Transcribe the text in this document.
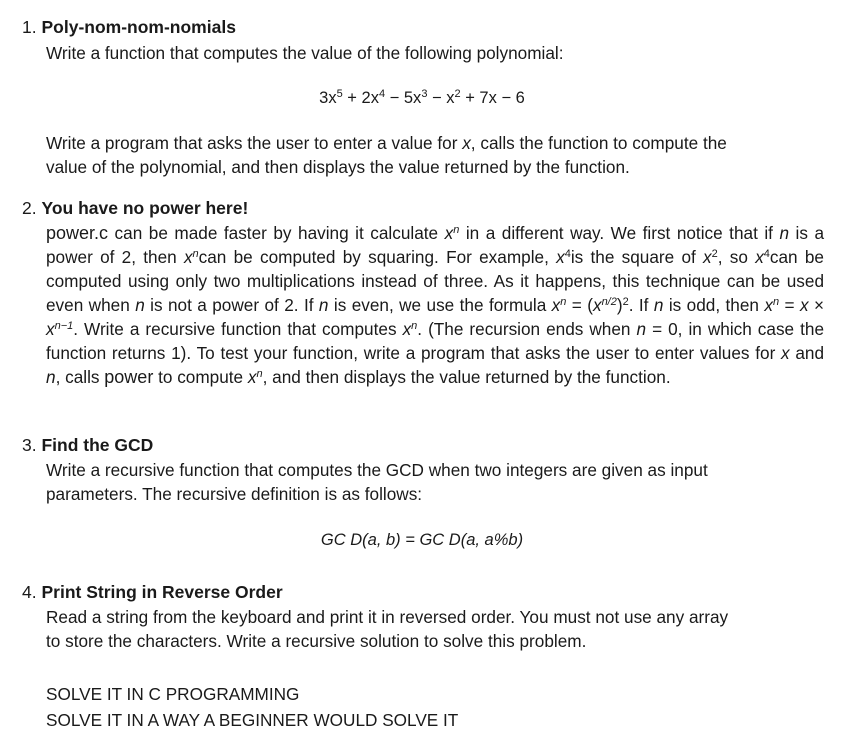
1. Poly-nom-nom-nomials
Write a function that computes the value of the following polynomial:
$3x^5 + 2x^4 - 5x^3 - x^2 + 7x - 6$
Write a program that asks the user to enter a value for x, calls the function to compute the
value of the polynomial, and then displays the value returned by the function.
2. You have no power here!
power.c can be made faster by having it calculate $x^n$ in a different way. We first notice that if n is a power of 2, then $x^ncan$ be computed by squaring. For example, $x^4is$ the square of $x^2$, so $x^4can$ be computed using only two multiplications instead of three. As it happens, this technique can be used even when n is not a power of 2. If n is even, we use the formula $x^n = (x^{n/2})^2$. If n is odd, then $x^n = x \times x^{n-1}$. Write a recursive function that computes $x^n$. (The recursion ends when n = 0, in which case the function returns 1). To test your function, write a program that asks the user to enter values for x and n, calls power to compute $x^n$, and then displays the value returned by the function.
3. Find the GCD
Write a recursive function that computes the GCD when two integers are given as input
parameters. The recursive definition is as follows:
GC D(a, b) = GC D(a, a%b)
4. Print String in Reverse Order
Read a string from the keyboard and print it in reversed order. You must not use any array
to store the characters. Write a recursive solution to solve this problem.
SOLVE IT IN C PROGRAMMING
SOLVE IT IN A WAY A BEGINNER WOULD SOLVE IT
